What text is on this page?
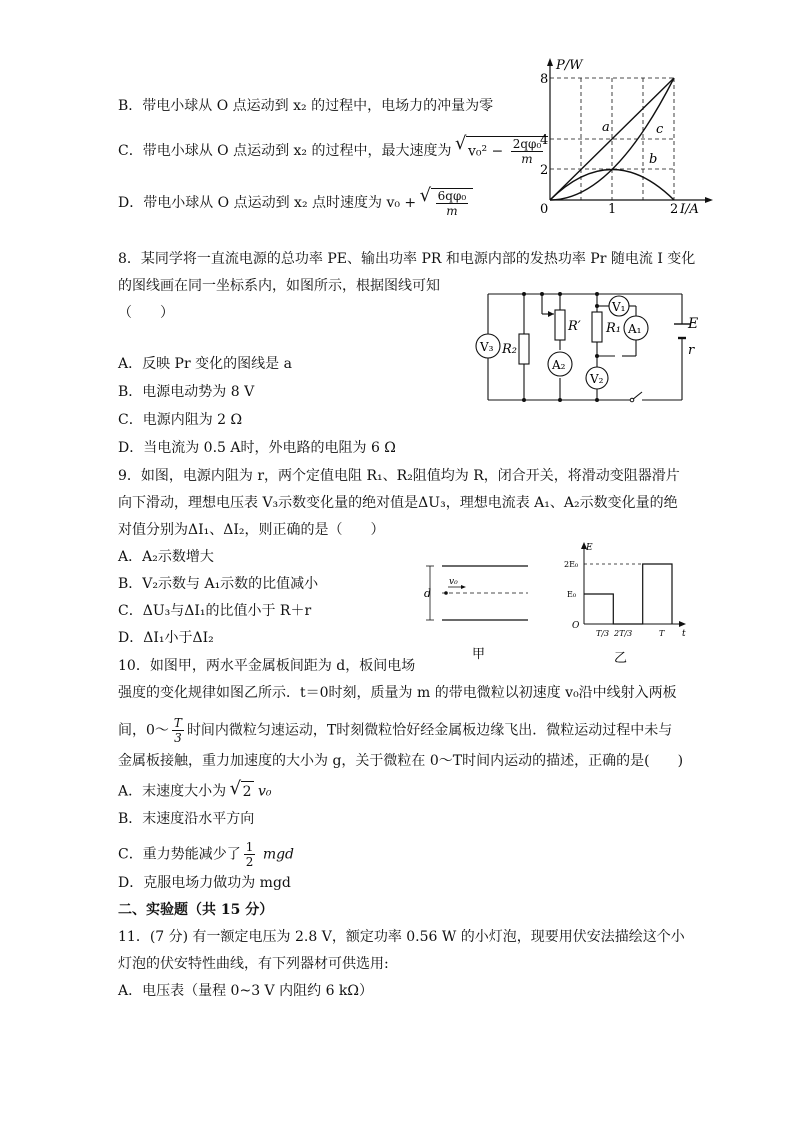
B．带电小球从 O 点运动到 x₂ 的过程中，电场力的冲量为零
C．带电小球从 O 点运动到 x₂ 的过程中，最大速度为 √ $v_0^2 - \frac{\text{2qφ₀}}{m}$
D．带电小球从 O 点运动到 x₂ 点时速度为 v₀ + √ $\frac{\text{6qφ₀}}{m}$
P/W
I/A
8
4
2
0	1	2
a
b
c
8．某同学将一直流电源的总功率 PE、输出功率 PR 和电源内部的发热功率 Pr 随电流 I 变化
的图线画在同一坐标系内，如图所示，根据图线可知
（　　）
A．反映 Pr 变化的图线是 a
B．电源电动势为 8 V
C．电源内阻为 2 Ω
D．当电流为 0.5 A时，外电路的电阻为 6 Ω
V₁
V₂
V₃
A₁
A₂
R′ R₁
R₂
E
r
9．如图，电源内阻为 r，两个定值电阻 R₁、R₂阻值均为 R，闭合开关，将滑动变阻器滑片
向下滑动，理想电压表 V₃示数变化量的绝对值是ΔU₃，理想电流表 A₁、A₂示数变化量的绝
对值分别为ΔI₁、ΔI₂，则正确的是（　　）
A．A₂示数增大
B．V₂示数与 A₁示数的比值减小
C．ΔU₃与ΔI₁的比值小于 R＋r
D．ΔI₁小于ΔI₂
d
v₀
甲
E
t
2E₀
E₀
O
T/3 2T/3	T
乙
10．如图甲，两水平金属板间距为 d，板间电场
强度的变化规律如图乙所示．t＝0时刻，质量为 m 的带电微粒以初速度 v₀沿中线射入两板
间，0～ $\frac{T}{3}$ 时间内微粒匀速运动，T时刻微粒恰好经金属板边缘飞出．微粒运动过程中未与
金属板接触，重力加速度的大小为 g，关于微粒在 0～T时间内运动的描述，正确的是(　　)
A．末速度大小为 √ 2 v₀
B．末速度沿水平方向
C．重力势能减少了 $\frac{1}{2}$ mgd
D．克服电场力做功为 mgd
二、实验题（共 15 分）
11．(7 分) 有一额定电压为 2.8 V，额定功率 0.56 W 的小灯泡，现要用伏安法描绘这个小
灯泡的伏安特性曲线，有下列器材可供选用:
A．电压表（量程 0~3 V 内阻约 6 kΩ）
